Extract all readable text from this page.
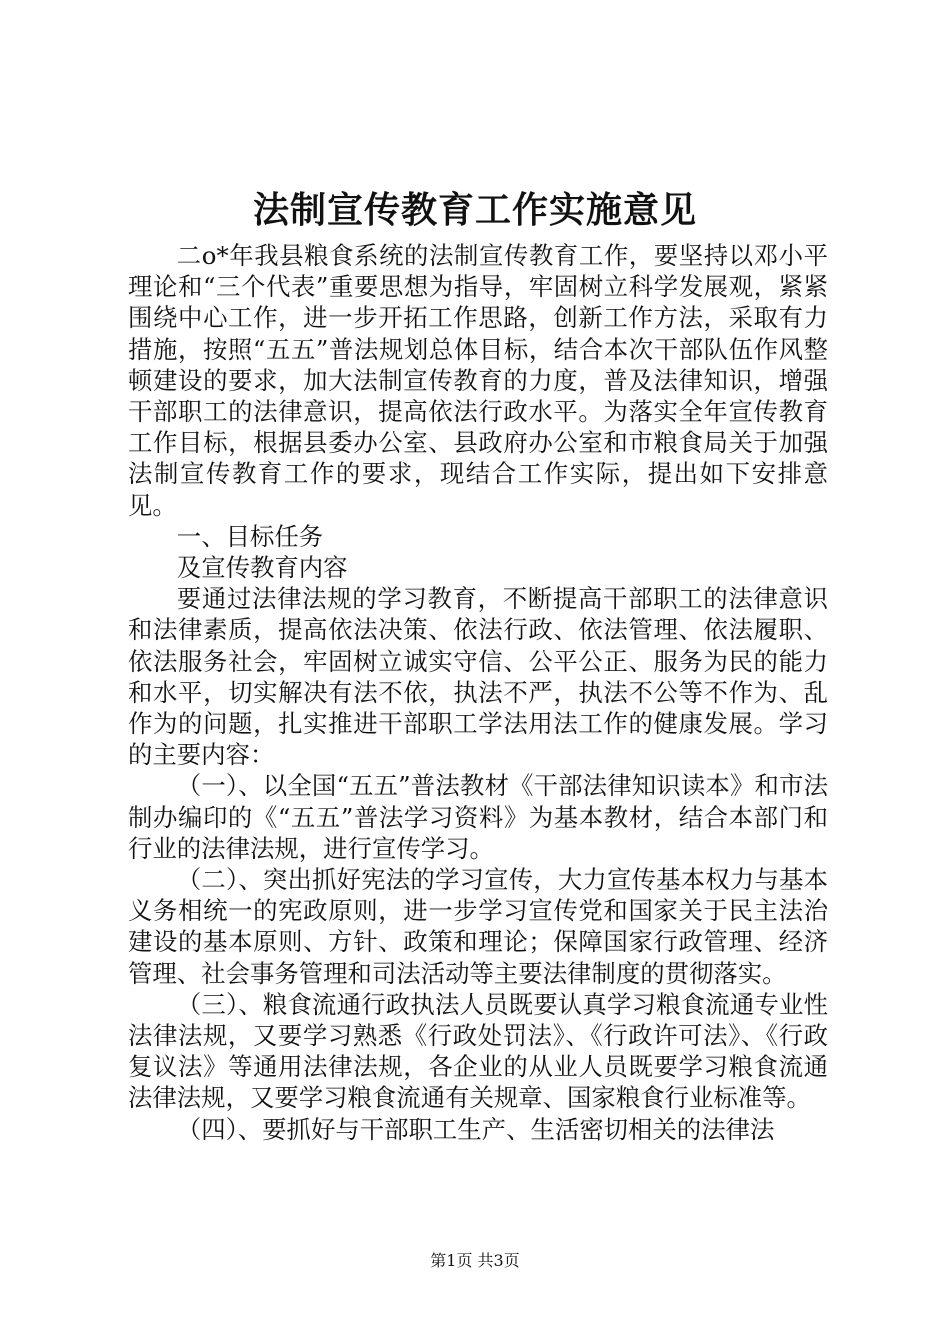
法制宣传教育工作实施意见

二o*年我县粮食系统的法制宣传教育工作，要坚持以邓小平理论和“三个代表”重要思想为指导，牢固树立科学发展观，紧紧围绕中心工作，进一步开拓工作思路，创新工作方法，采取有力措施，按照“五五”普法规划总体目标，结合本次干部队伍作风整顿建设的要求，加大法制宣传教育的力度，普及法律知识，增强干部职工的法律意识，提高依法行政水平。为落实全年宣传教育工作目标，根据县委办公室、县政府办公室和市粮食局关于加强法制宣传教育工作的要求，现结合工作实际，提出如下安排意见。

一、目标任务

及宣传教育内容

要通过法律法规的学习教育，不断提高干部职工的法律意识和法律素质，提高依法决策、依法行政、依法管理、依法履职、依法服务社会，牢固树立诚实守信、公平公正、服务为民的能力和水平，切实解决有法不依，执法不严，执法不公等不作为、乱作为的问题，扎实推进干部职工学法用法工作的健康发展。学习的主要内容：

（一）、以全国“五五”普法教材《干部法律知识读本》和市法制办编印的《“五五”普法学习资料》为基本教材，结合本部门和行业的法律法规，进行宣传学习。

（二）、突出抓好宪法的学习宣传，大力宣传基本权力与基本义务相统一的宪政原则，进一步学习宣传党和国家关于民主法治建设的基本原则、方针、政策和理论；保障国家行政管理、经济管理、社会事务管理和司法活动等主要法律制度的贯彻落实。

（三）、粮食流通行政执法人员既要认真学习粮食流通专业性法律法规，又要学习熟悉《行政处罚法》、《行政许可法》、《行政复议法》等通用法律法规，各企业的从业人员既要学习粮食流通法律法规，又要学习粮食流通有关规章、国家粮食行业标准等。

（四）、要抓好与干部职工生产、生活密切相关的法律法

第1页 共3页
